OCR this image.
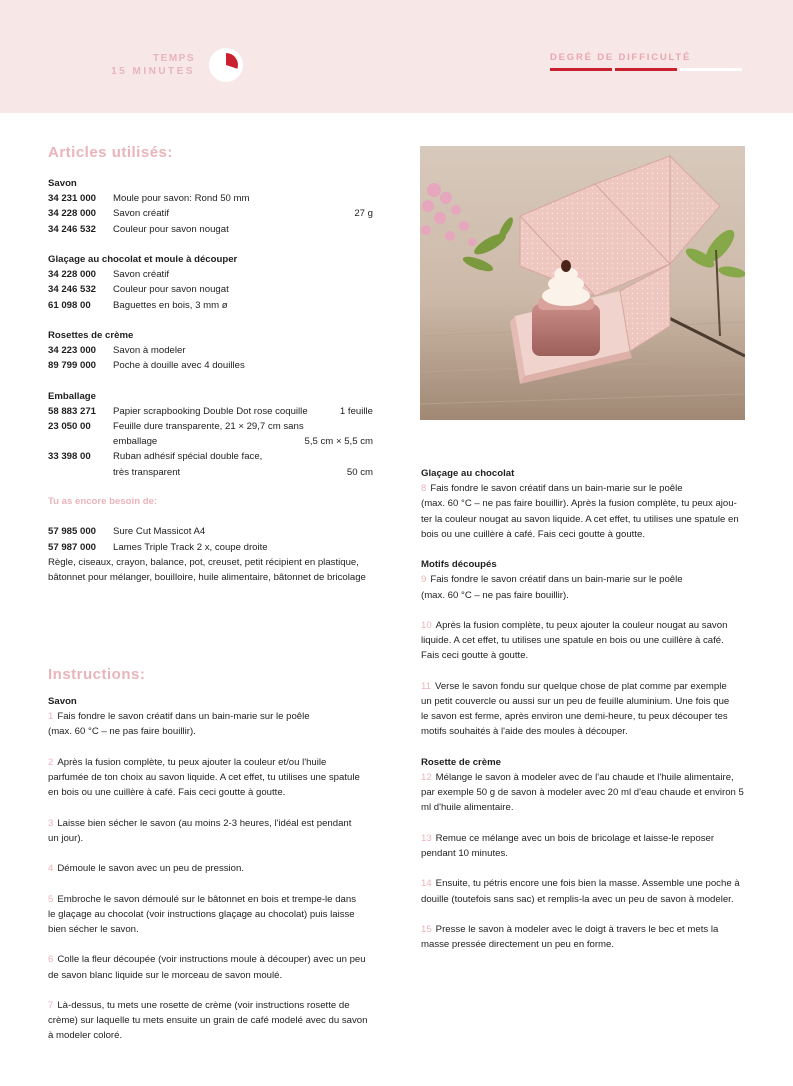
TEMPS
15 MINUTES
DEGRÉ DE DIFFICULTÉ
Articles utilisés:
Savon
34 231 000 Moule pour savon: Rond 50 mm
34 228 000 Savon créatif	27 g
34 246 532 Couleur pour savon nougat
Glaçage au chocolat et moule à découper
34 228 000 Savon créatif
34 246 532 Couleur pour savon nougat
61 098 00 Baguettes en bois, 3 mm ø
Rosettes de crème
34 223 000 Savon à modeler
89 799 000 Poche à douille avec 4 douilles
Emballage
58 883 271 Papier scrapbooking Double Dot rose coquille	1 feuille
23 050 00 Feuille dure transparente, 21 × 29,7 cm sans
emballage	5,5 cm × 5,5 cm
33 398 00 Ruban adhésif spécial double face,
très transparent	50 cm
Tu as encore besoin de:
57 985 000 Sure Cut Massicot A4
57 987 000 Lames Triple Track 2 x, coupe droite
Règle, ciseaux, crayon, balance, pot, creuset, petit récipient en plastique,
bâtonnet pour mélanger, bouilloire, huile alimentaire, bâtonnet de bricolage
Instructions:
Savon
1 Fais fondre le savon créatif dans un bain-marie sur le poêle
(max. 60 °C – ne pas faire bouillir).
2 Après la fusion complète, tu peux ajouter la couleur et/ou l'huile
parfumée de ton choix au savon liquide. A cet effet, tu utilises une spatule
en bois ou une cuillère à café. Fais ceci goutte à goutte.
3 Laisse bien sécher le savon (au moins 2-3 heures, l'idéal est pendant
un jour).
4 Démoule le savon avec un peu de pression.
5 Embroche le savon démoulé sur le bâtonnet en bois et trempe-le dans
le glaçage au chocolat (voir instructions glaçage au chocolat) puis laisse
bien sécher le savon.
6 Colle la fleur découpée (voir instructions moule à découper) avec un peu
de savon blanc liquide sur le morceau de savon moulé.
7 Là-dessus, tu mets une rosette de crème (voir instructions rosette de
crème) sur laquelle tu mets ensuite un grain de café modelé avec du savon
à modeler coloré.
Glaçage au chocolat
8 Fais fondre le savon créatif dans un bain-marie sur le poêle
(max. 60 °C – ne pas faire bouillir). Après la fusion complète, tu peux ajou-
ter la couleur nougat au savon liquide. A cet effet, tu utilises une spatule en
bois ou une cuillère à café. Fais ceci goutte à goutte.
Motifs découpés
9 Fais fondre le savon créatif dans un bain-marie sur le poêle
(max. 60 °C – ne pas faire bouillir).
10 Après la fusion complète, tu peux ajouter la couleur nougat au savon
liquide. A cet effet, tu utilises une spatule en bois ou une cuillère à café.
Fais ceci goutte à goutte.
11 Verse le savon fondu sur quelque chose de plat comme par exemple
un petit couvercle ou aussi sur un peu de feuille aluminium. Une fois que
le savon est ferme, après environ une demi-heure, tu peux découper tes
motifs souhaités à l'aide des moules à découper.
Rosette de crème
12 Mélange le savon à modeler avec de l'au chaude et l'huile alimentaire,
par exemple 50 g de savon à modeler avec 20 ml d'eau chaude et environ 5
ml d'huile alimentaire.
13 Remue ce mélange avec un bois de bricolage et laisse-le reposer
pendant 10 minutes.
14 Ensuite, tu pétris encore une fois bien la masse. Assemble une poche à
douille (toutefois sans sac) et remplis-la avec un peu de savon à modeler.
15 Presse le savon à modeler avec le doigt à travers le bec et mets la
masse pressée directement un peu en forme.
